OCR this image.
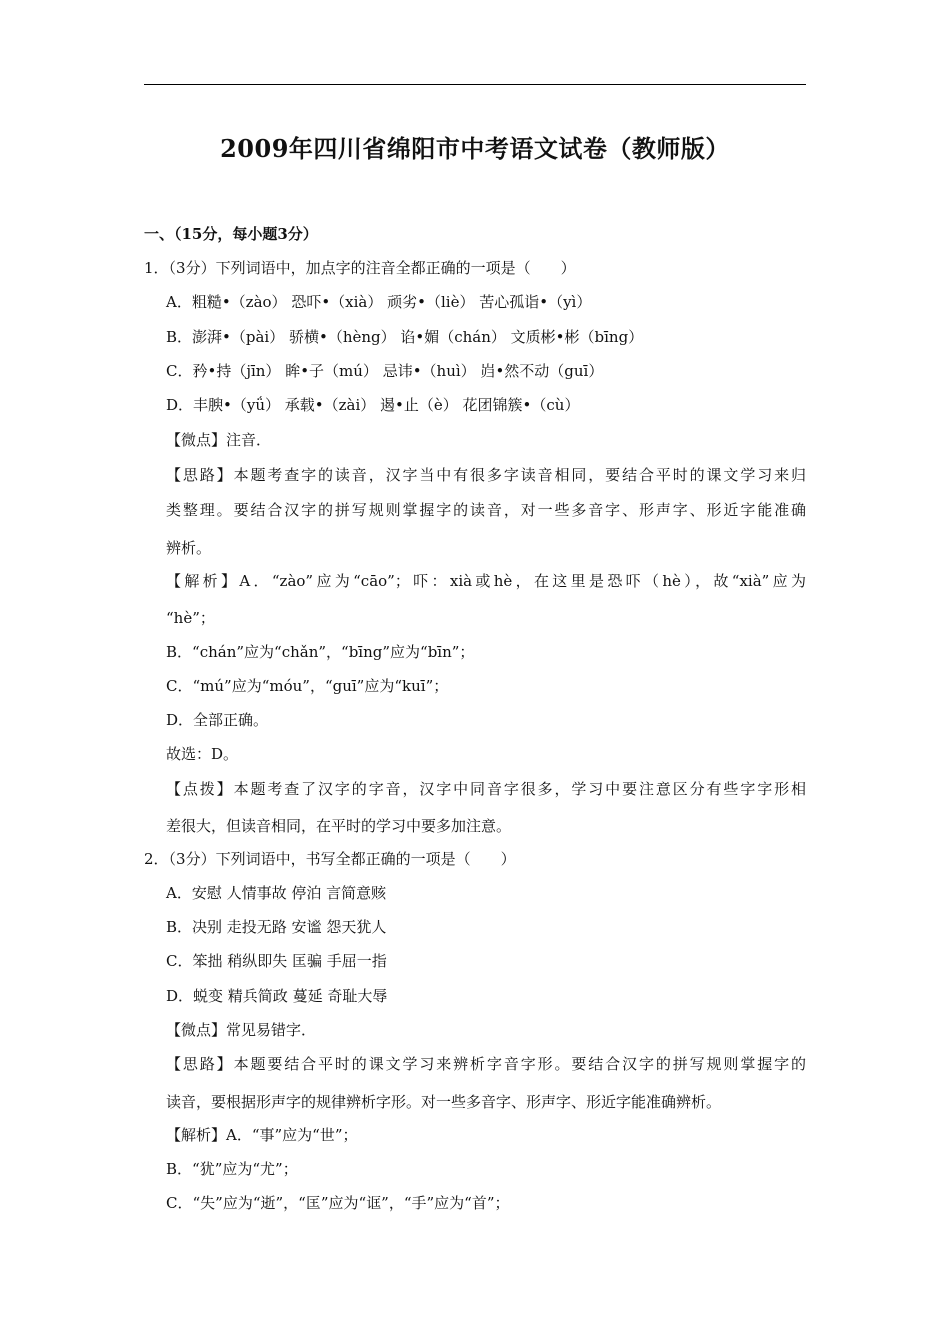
2009年四川省绵阳市中考语文试卷（教师版）
一、（15分，每小题3分）
1．（3分）下列词语中，加点字的注音全都正确的一项是（　　）
A．粗糙•（zào） 恐吓•（xià） 顽劣•（liè） 苦心孤诣•（yì）
B．澎湃•（pài） 骄横•（hèng） 谄•媚（chán） 文质彬•彬（bīng）
C．矜•持（jīn） 眸•子（mú） 忌讳•（huì） 岿•然不动（guī）
D．丰腴•（yǘ） 承载•（zài） 遏•止（è） 花团锦簇•（cù）
【微点】注音．
【思路】本题考查字的读音，汉字当中有很多字读音相同，要结合平时的课文学习来归
类整理。要结合汉字的拼写规则掌握字的读音，对一些多音字、形声字、形近字能准确
辨析。
【解析】A．“zào”应为“cāo”；吓：xià或hè，在这里是恐吓（hè），故“xià”应为
“hè”；
B．“chán”应为“chǎn”，“bīng”应为“bīn”；
C．“mú”应为“móu”，“guī”应为“kuī”；
D．全部正确。
故选：D。
【点拨】本题考查了汉字的字音，汉字中同音字很多，学习中要注意区分有些字字形相
差很大，但读音相同，在平时的学习中要多加注意。
2．（3分）下列词语中，书写全都正确的一项是（　　）
A．安慰 人情事故 停泊 言简意赅
B．决别 走投无路 安谧 怨天犹人
C．笨拙 稍纵即失 匡骗 手屈一指
D．蜕变 精兵简政 蔓延 奇耻大辱
【微点】常见易错字．
【思路】本题要结合平时的课文学习来辨析字音字形。要结合汉字的拼写规则掌握字的
读音，要根据形声字的规律辨析字形。对一些多音字、形声字、形近字能准确辨析。
【解析】A．“事”应为“世”；
B．“犹”应为“尤”；
C．“失”应为“逝”，“匡”应为“诓”，“手”应为“首”；
